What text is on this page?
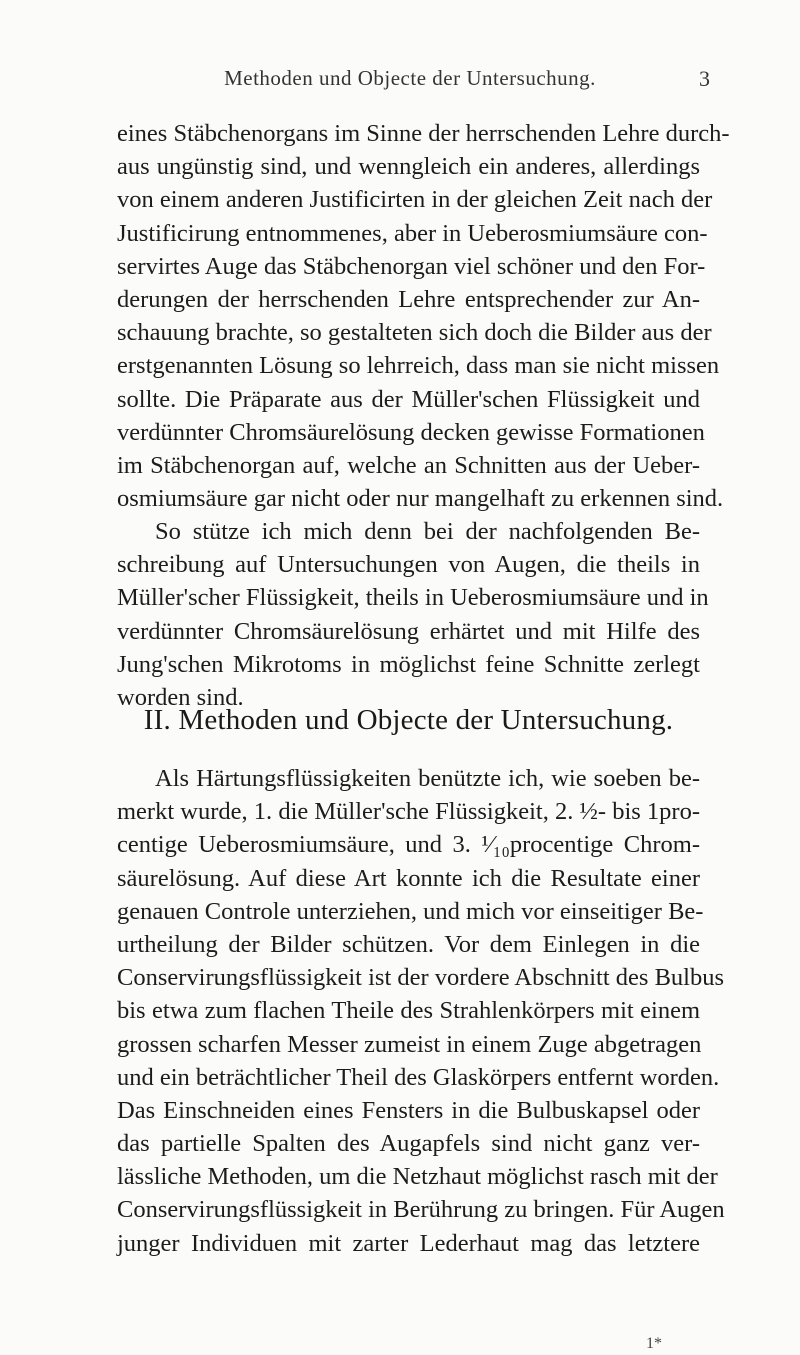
Methoden und Objecte der Untersuchung.	3
eines Stäbchenorgans im Sinne der herrschenden Lehre durch-
aus ungünstig sind, und wenngleich ein anderes, allerdings
von einem anderen Justificirten in der gleichen Zeit nach der
Justificirung entnommenes, aber in Ueberosmiumsäure con-
servirtes Auge das Stäbchenorgan viel schöner und den For-
derungen der herrschenden Lehre entsprechender zur An-
schauung brachte, so gestalteten sich doch die Bilder aus der
erstgenannten Lösung so lehrreich, dass man sie nicht missen
sollte. Die Präparate aus der Müller'schen Flüssigkeit und
verdünnter Chromsäurelösung decken gewisse Formationen
im Stäbchenorgan auf, welche an Schnitten aus der Ueber-
osmiumsäure gar nicht oder nur mangelhaft zu erkennen sind.
So stütze ich mich denn bei der nachfolgenden Be-
schreibung auf Untersuchungen von Augen, die theils in
Müller'scher Flüssigkeit, theils in Ueberosmiumsäure und in
verdünnter Chromsäurelösung erhärtet und mit Hilfe des
Jung'schen Mikrotoms in möglichst feine Schnitte zerlegt
worden sind.
II. Methoden und Objecte der Untersuchung.
Als Härtungsflüssigkeiten benützte ich, wie soeben be-
merkt wurde, 1. die Müller'sche Flüssigkeit, 2. ½- bis 1pro-
centige Ueberosmiumsäure, und 3. ¹⁄₁₀procentige Chrom-
säurelösung. Auf diese Art konnte ich die Resultate einer
genauen Controle unterziehen, und mich vor einseitiger Be-
urtheilung der Bilder schützen. Vor dem Einlegen in die
Conservirungsflüssigkeit ist der vordere Abschnitt des Bulbus
bis etwa zum flachen Theile des Strahlenkörpers mit einem
grossen scharfen Messer zumeist in einem Zuge abgetragen
und ein beträchtlicher Theil des Glaskörpers entfernt worden.
Das Einschneiden eines Fensters in die Bulbuskapsel oder
das partielle Spalten des Augapfels sind nicht ganz ver-
lässliche Methoden, um die Netzhaut möglichst rasch mit der
Conservirungsflüssigkeit in Berührung zu bringen. Für Augen
junger Individuen mit zarter Lederhaut mag das letztere
1*
